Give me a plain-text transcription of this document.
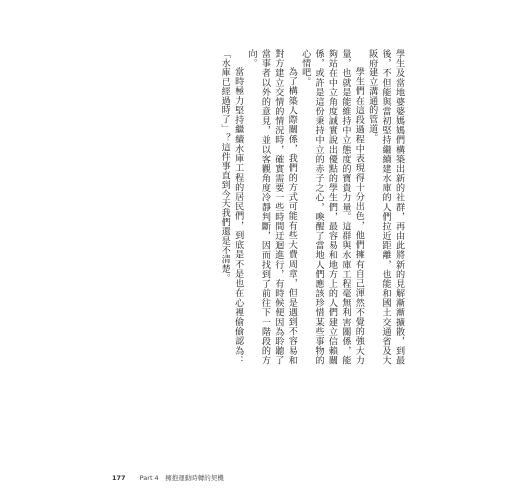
學生及當地婆婆媽媽們構築出新的社群，再由此將新的見解漸漸擴散，到最後，不但能與當初堅持繼續建水庫的人們拉近距離，也能和國土交通省及大阪府建立溝通的管道。

學生們在這段過程中表現得十分出色，他們擁有自己渾然不覺的強大力量，也就是能維持中立態度的寶貴力量。這群與水庫工程毫無利害關係，能夠站在中立角度誠實說出優點的學生們，最容易和地方上的人們建立信賴關係，或許是這份秉持中立的赤子之心，喚醒了當地人們應該珍惜某些事物的心情吧。

為了構築人際關係，我們的方式可能有些大費周章，但是遇到不容易和對方建立交情的情況時，確實需要一些時間迂迴進行，有時候便因為聆聽了當事者以外的意見，並以客觀角度冷靜判斷，因而找到了前往下一階段的方向。

當時極力堅持繼續水庫工程的居民們，到底是不是也在心裡偷偷認為：「水庫已經過時了」？這件事直到今天我們還是不清楚。

177 Part 4　擁抱運動時轉的契機
